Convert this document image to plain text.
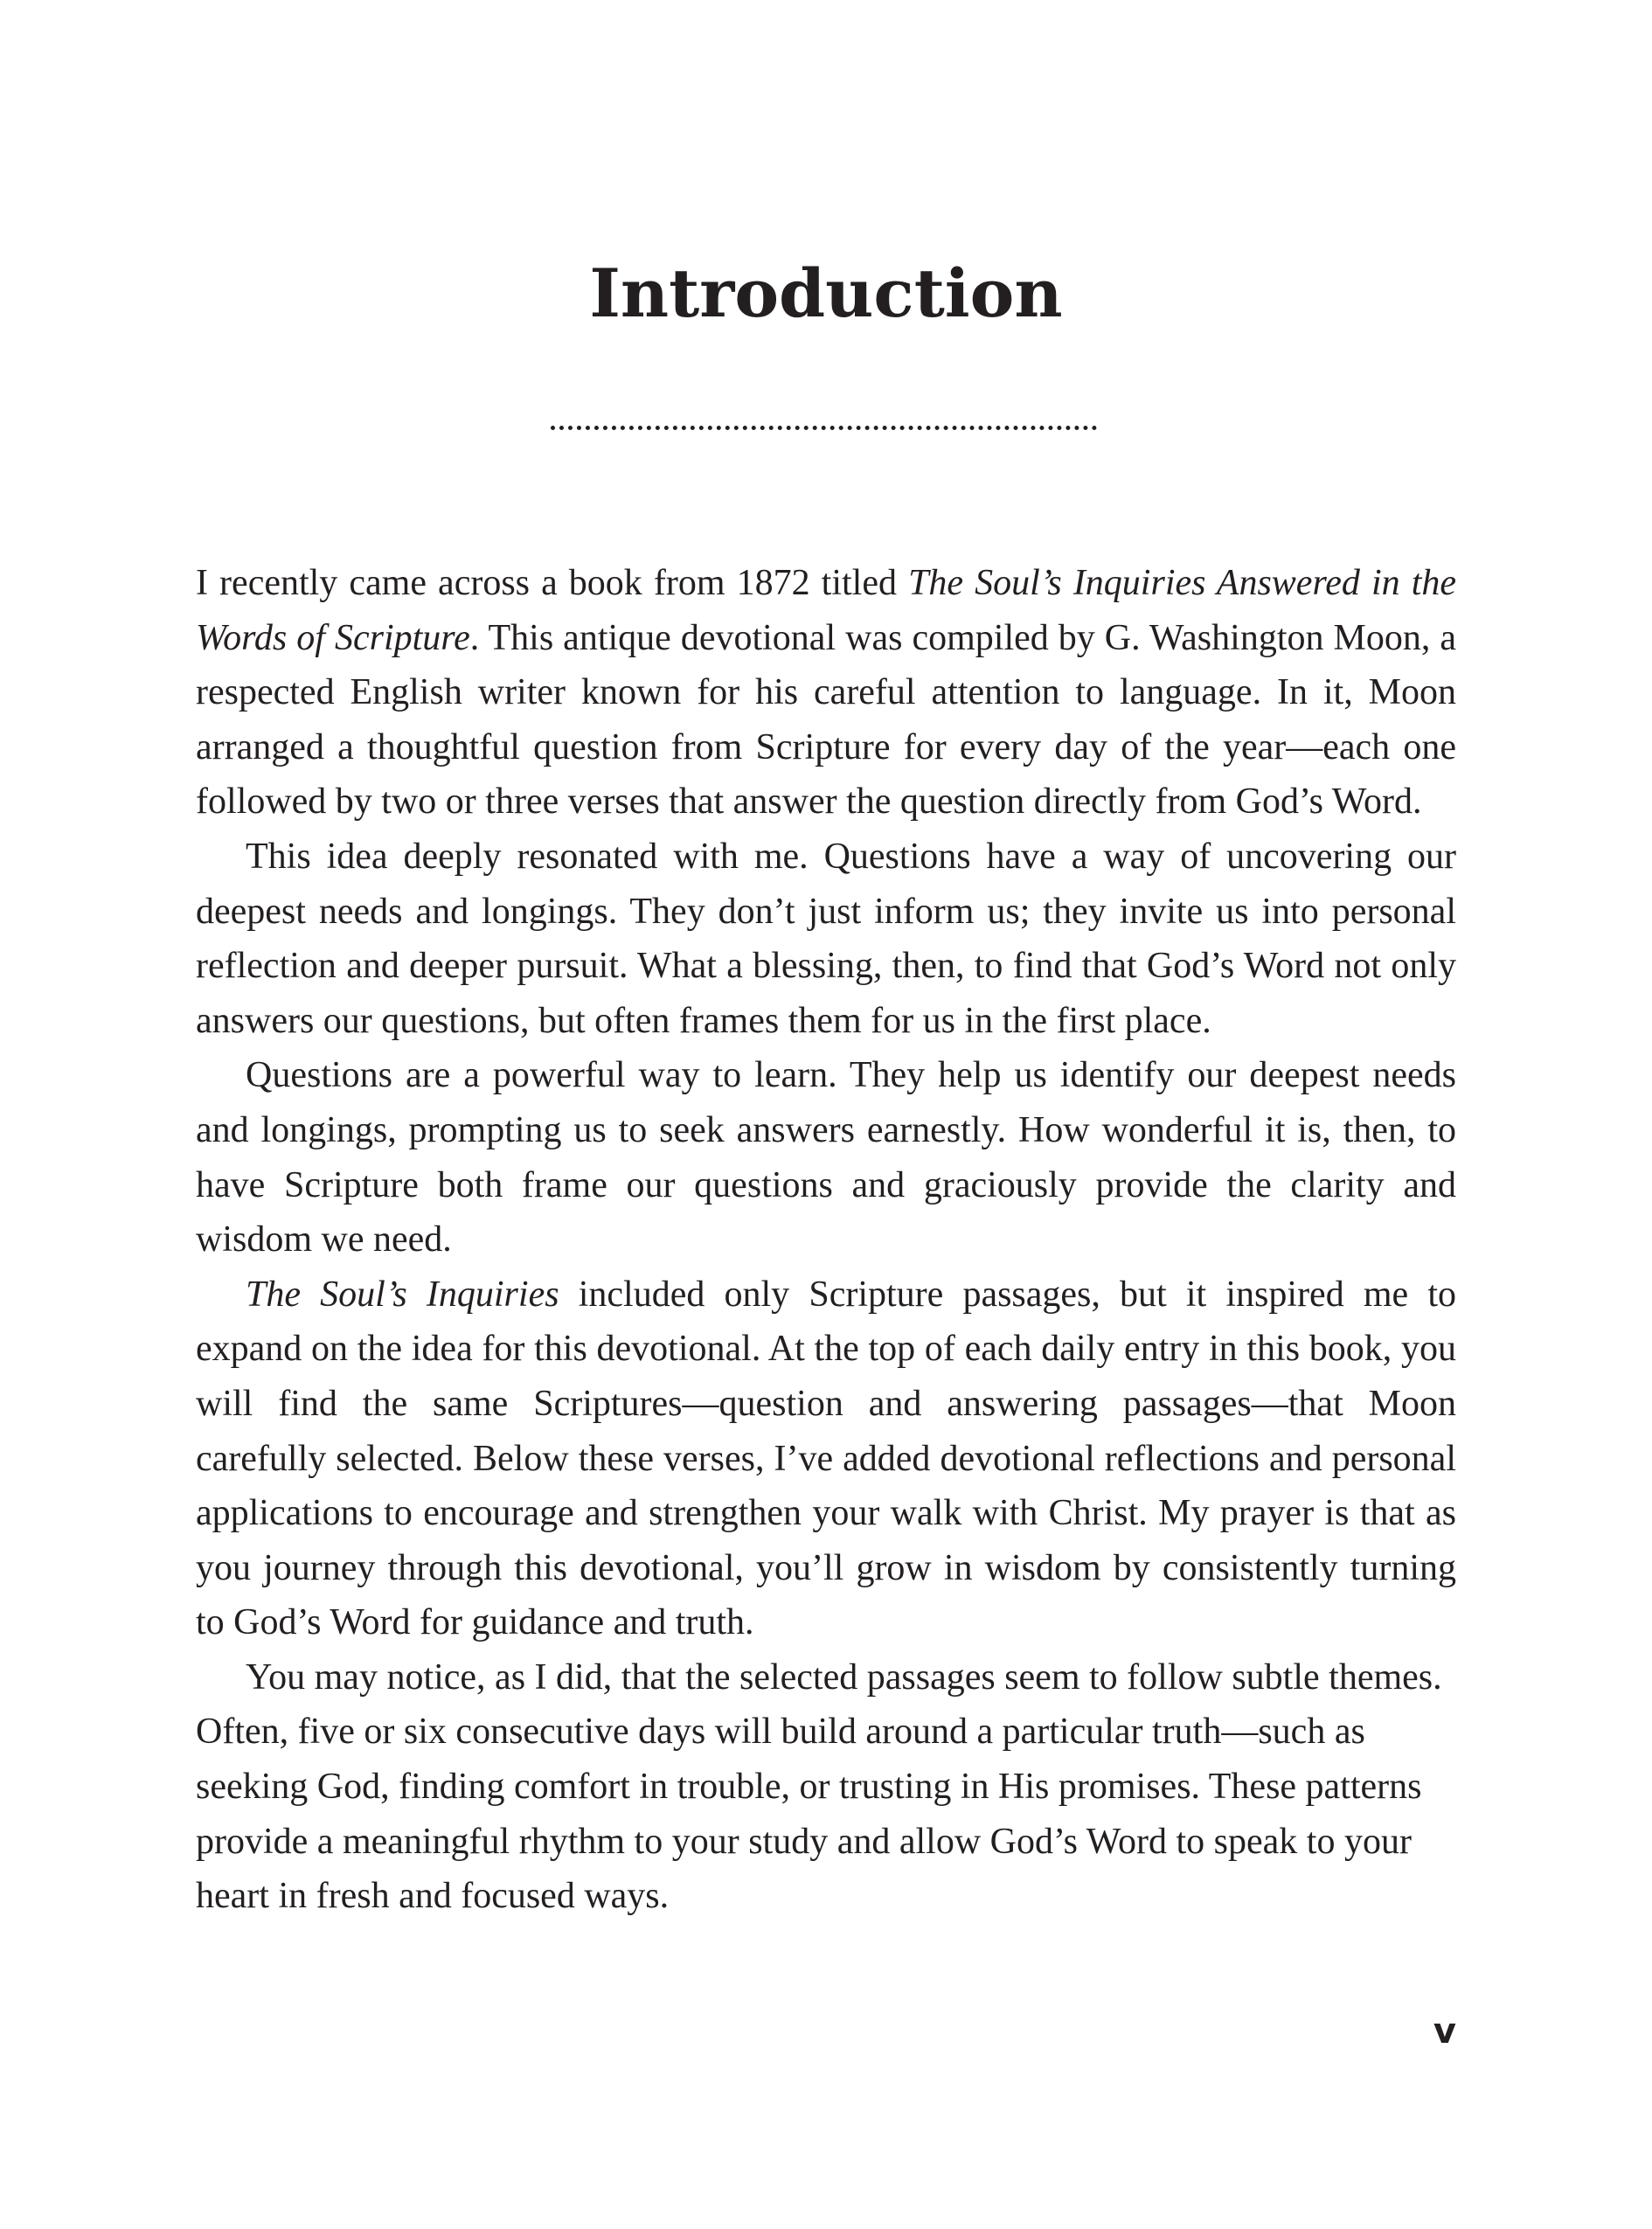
Introduction

I recently came across a book from 1872 titled The Soul’s Inquiries Answered in the Words of Scripture. This antique devotional was compiled by G. Washington Moon, a respected English writer known for his careful attention to language. In it, Moon arranged a thoughtful question from Scripture for every day of the year—each one followed by two or three verses that answer the question directly from God’s Word.

This idea deeply resonated with me. Questions have a way of uncovering our deepest needs and longings. They don’t just inform us; they invite us into personal reflection and deeper pursuit. What a blessing, then, to find that God’s Word not only answers our questions, but often frames them for us in the first place.

Questions are a powerful way to learn. They help us identify our deepest needs and longings, prompting us to seek answers earnestly. How wonderful it is, then, to have Scripture both frame our questions and graciously provide the clarity and wisdom we need.

The Soul’s Inquiries included only Scripture passages, but it inspired me to expand on the idea for this devotional. At the top of each daily entry in this book, you will find the same Scriptures—question and answering passages—that Moon carefully selected. Below these verses, I’ve added devotional reflections and personal applications to encourage and strengthen your walk with Christ. My prayer is that as you journey through this devotional, you’ll grow in wisdom by consistently turning to God’s Word for guidance and truth.

You may notice, as I did, that the selected passages seem to follow subtle themes. Often, five or six consecutive days will build around a particular truth—such as seeking God, finding comfort in trouble, or trusting in His promises. These patterns provide a meaningful rhythm to your study and allow God’s Word to speak to your heart in fresh and focused ways.

v
